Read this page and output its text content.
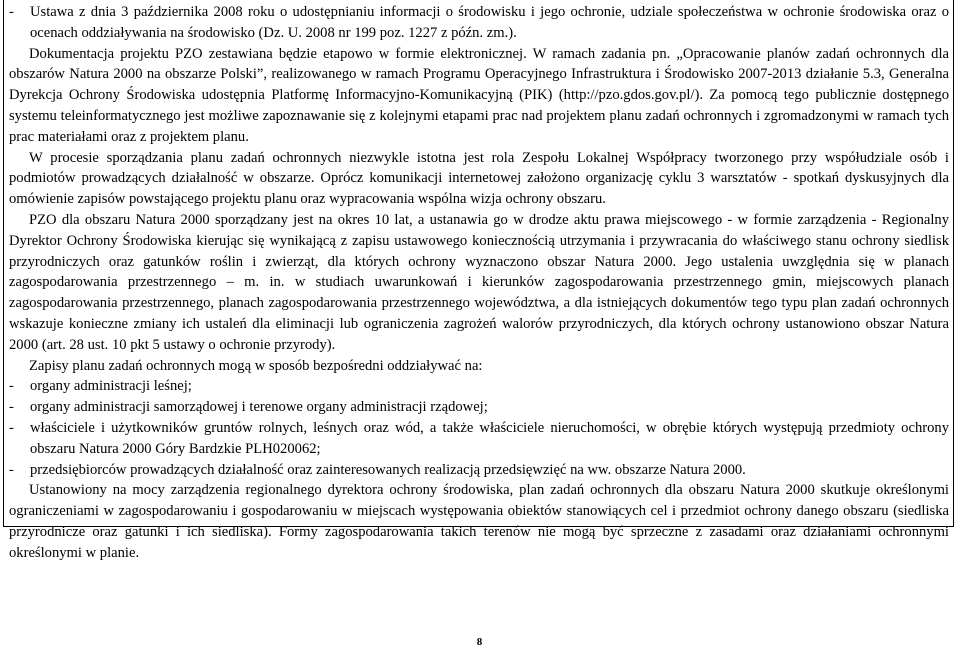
- Ustawa z dnia 3 października 2008 roku o udostępnianiu informacji o środowisku i jego ochronie, udziale społeczeństwa w ochronie środowiska oraz o ocenach oddziaływania na środowisko (Dz. U. 2008 nr 199 poz. 1227 z późn. zm.).

Dokumentacja projektu PZO zestawiana będzie etapowo w formie elektronicznej. W ramach zadania pn. „Opracowanie planów zadań ochronnych dla obszarów Natura 2000 na obszarze Polski”, realizowanego w ramach Programu Operacyjnego Infrastruktura i Środowisko 2007-2013 działanie 5.3, Generalna Dyrekcja Ochrony Środowiska udostępnia Platformę Informacyjno-Komunikacyjną (PIK) (http://pzo.gdos.gov.pl/). Za pomocą tego publicznie dostępnego systemu teleinformatycznego jest możliwe zapoznawanie się z kolejnymi etapami prac nad projektem planu zadań ochronnych i zgromadzonymi w ramach tych prac materiałami oraz z projektem planu.

W procesie sporządzania planu zadań ochronnych niezwykle istotna jest rola Zespołu Lokalnej Współpracy tworzonego przy współudziale osób i podmiotów prowadzących działalność w obszarze. Oprócz komunikacji internetowej założono organizację cyklu 3 warsztatów - spotkań dyskusyjnych dla omówienie zapisów powstającego projektu planu oraz wypracowania wspólna wizja ochrony obszaru.

PZO dla obszaru Natura 2000 sporządzany jest na okres 10 lat, a ustanawia go w drodze aktu prawa miejscowego - w formie zarządzenia - Regionalny Dyrektor Ochrony Środowiska kierując się wynikającą z zapisu ustawowego koniecznością utrzymania i przywracania do właściwego stanu ochrony siedlisk przyrodniczych oraz gatunków roślin i zwierząt, dla których ochrony wyznaczono obszar Natura 2000. Jego ustalenia uwzględnia się w planach zagospodarowania przestrzennego – m. in. w studiach uwarunkowań i kierunków zagospodarowania przestrzennego gmin, miejscowych planach zagospodarowania przestrzennego, planach zagospodarowania przestrzennego województwa, a dla istniejących dokumentów tego typu plan zadań ochronnych wskazuje konieczne zmiany ich ustaleń dla eliminacji lub ograniczenia zagrożeń walorów przyrodniczych, dla których ochrony ustanowiono obszar Natura 2000 (art. 28 ust. 10 pkt 5 ustawy o ochronie przyrody).

Zapisy planu zadań ochronnych mogą w sposób bezpośredni oddziaływać na:

- organy administracji leśnej;

- organy administracji samorządowej i terenowe organy administracji rządowej;

- właściciele i użytkowników gruntów rolnych, leśnych oraz wód, a także właściciele nieruchomości, w obrębie których występują przedmioty ochrony obszaru Natura 2000 Góry Bardzkie PLH020062;

- przedsiębiorców prowadzących działalność oraz zainteresowanych realizacją przedsięwzięć na ww. obszarze Natura 2000.

Ustanowiony na mocy zarządzenia regionalnego dyrektora ochrony środowiska, plan zadań ochronnych dla obszaru Natura 2000 skutkuje określonymi ograniczeniami w zagospodarowaniu i gospodarowaniu w miejscach występowania obiektów stanowiących cel i przedmiot ochrony danego obszaru (siedliska przyrodnicze oraz gatunki i ich siedliska). Formy zagospodarowania takich terenów nie mogą być sprzeczne z zasadami oraz działaniami ochronnymi określonymi w planie.

8
